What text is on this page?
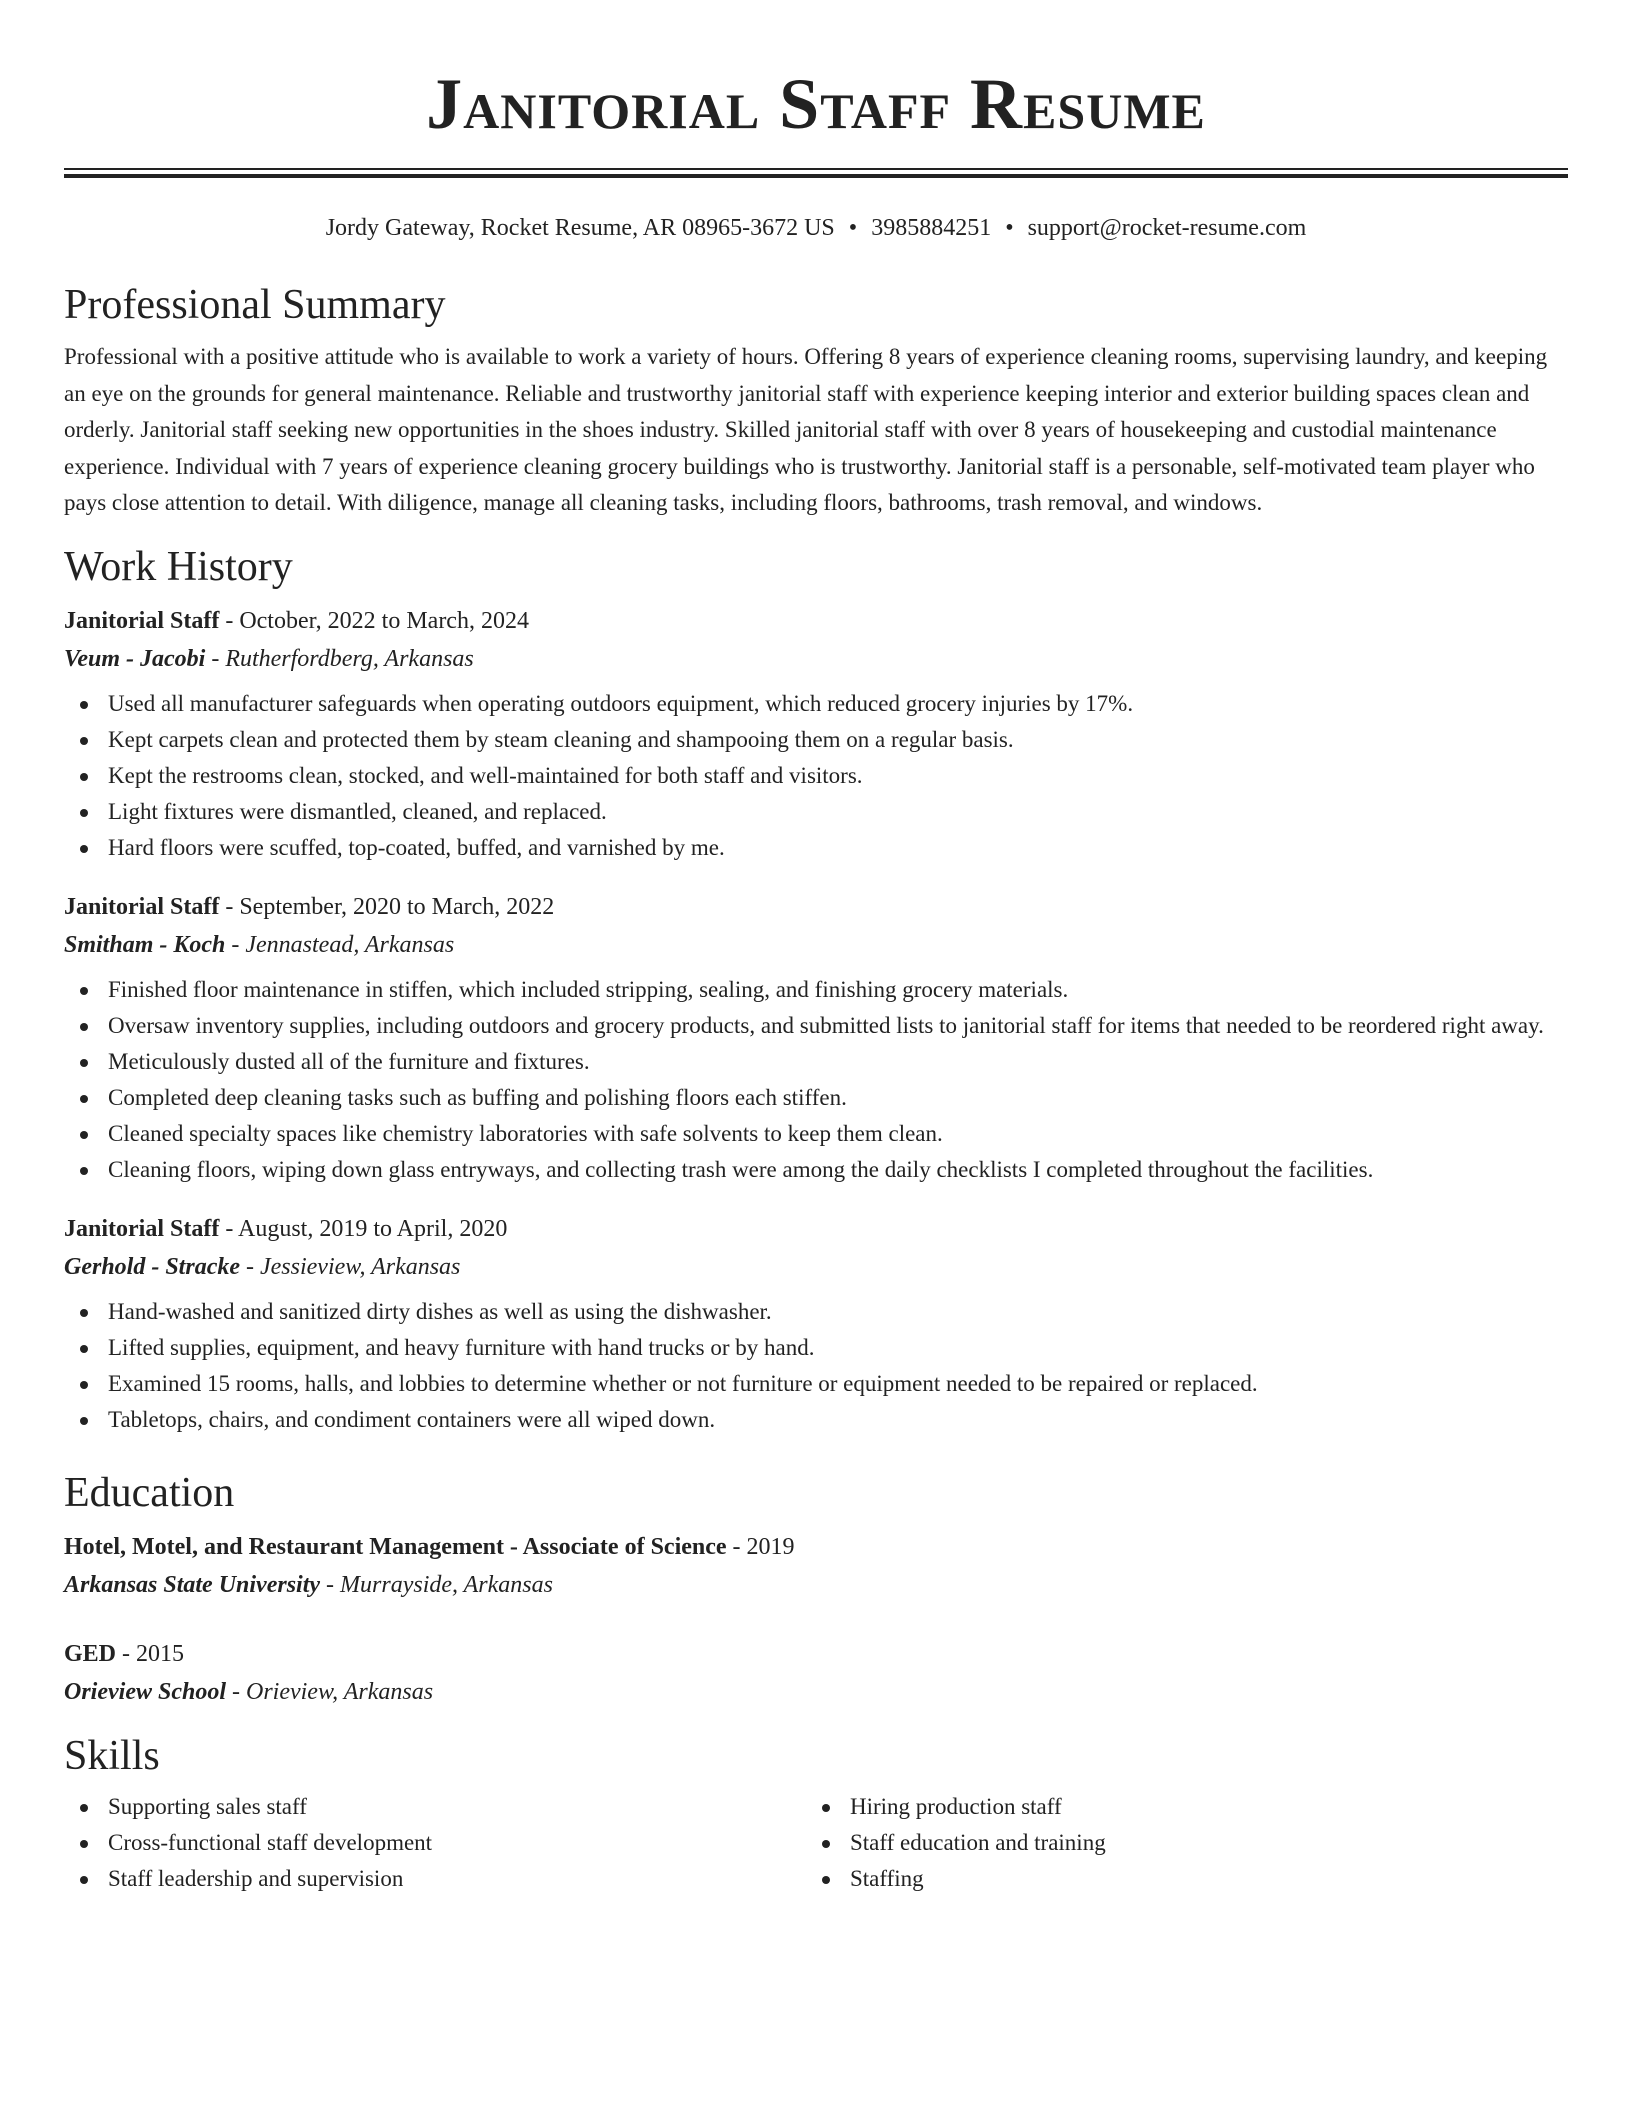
Janitorial Staff Resume
Jordy Gateway, Rocket Resume, AR 08965-3672 US • 3985884251 • support@rocket-resume.com
Professional Summary
Professional with a positive attitude who is available to work a variety of hours. Offering 8 years of experience cleaning rooms, supervising laundry, and keeping an eye on the grounds for general maintenance. Reliable and trustworthy janitorial staff with experience keeping interior and exterior building spaces clean and orderly. Janitorial staff seeking new opportunities in the shoes industry. Skilled janitorial staff with over 8 years of housekeeping and custodial maintenance experience. Individual with 7 years of experience cleaning grocery buildings who is trustworthy. Janitorial staff is a personable, self-motivated team player who pays close attention to detail. With diligence, manage all cleaning tasks, including floors, bathrooms, trash removal, and windows.
Work History
Janitorial Staff - October, 2022 to March, 2024
Veum - Jacobi - Rutherfordberg, Arkansas
Used all manufacturer safeguards when operating outdoors equipment, which reduced grocery injuries by 17%.
Kept carpets clean and protected them by steam cleaning and shampooing them on a regular basis.
Kept the restrooms clean, stocked, and well-maintained for both staff and visitors.
Light fixtures were dismantled, cleaned, and replaced.
Hard floors were scuffed, top-coated, buffed, and varnished by me.
Janitorial Staff - September, 2020 to March, 2022
Smitham - Koch - Jennastead, Arkansas
Finished floor maintenance in stiffen, which included stripping, sealing, and finishing grocery materials.
Oversaw inventory supplies, including outdoors and grocery products, and submitted lists to janitorial staff for items that needed to be reordered right away.
Meticulously dusted all of the furniture and fixtures.
Completed deep cleaning tasks such as buffing and polishing floors each stiffen.
Cleaned specialty spaces like chemistry laboratories with safe solvents to keep them clean.
Cleaning floors, wiping down glass entryways, and collecting trash were among the daily checklists I completed throughout the facilities.
Janitorial Staff - August, 2019 to April, 2020
Gerhold - Stracke - Jessieview, Arkansas
Hand-washed and sanitized dirty dishes as well as using the dishwasher.
Lifted supplies, equipment, and heavy furniture with hand trucks or by hand.
Examined 15 rooms, halls, and lobbies to determine whether or not furniture or equipment needed to be repaired or replaced.
Tabletops, chairs, and condiment containers were all wiped down.
Education
Hotel, Motel, and Restaurant Management - Associate of Science - 2019
Arkansas State University - Murrayside, Arkansas
GED - 2015
Orieview School - Orieview, Arkansas
Skills
Supporting sales staff
Cross-functional staff development
Staff leadership and supervision
Hiring production staff
Staff education and training
Staffing
